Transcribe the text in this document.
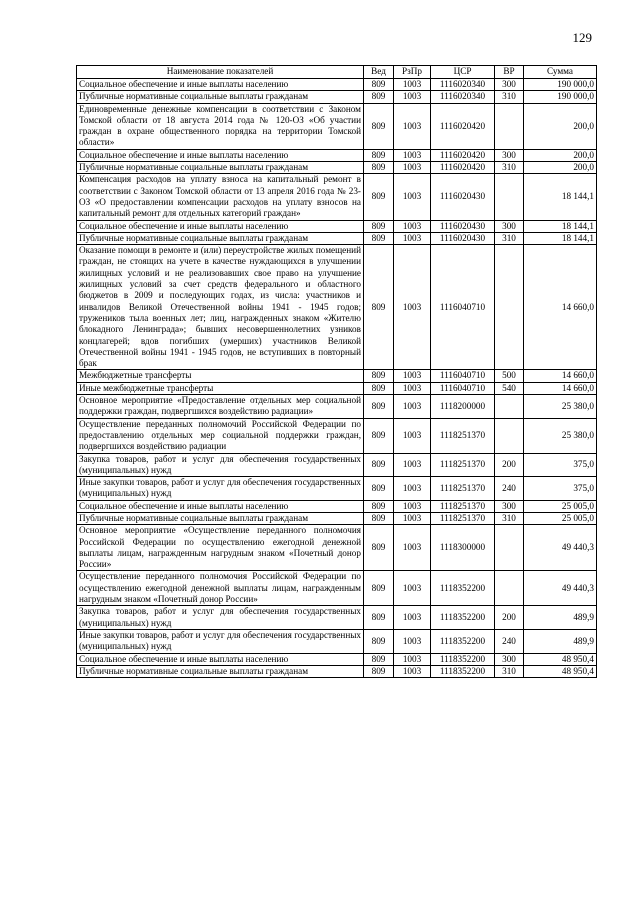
129
Наименование показателей	Вед	РзПр	ЦСР	ВР	Сумма
Социальное обеспечение и иные выплаты населению	809	1003	1116020340	300	190 000,0
Публичные нормативные социальные выплаты гражданам	809	1003	1116020340	310	190 000,0
Единовременные денежные компенсации в соответствии с Законом Томской области от 18 августа 2014 года № 120-ОЗ «Об участии граждан в охране общественного порядка на территории Томской области»	809	1003	1116020420		200,0
Социальное обеспечение и иные выплаты населению	809	1003	1116020420	300	200,0
Публичные нормативные социальные выплаты гражданам	809	1003	1116020420	310	200,0
Компенсация расходов на уплату взноса на капитальный ремонт в соответствии с Законом Томской области от 13 апреля 2016 года № 23-ОЗ «О предоставлении компенсации расходов на уплату взносов на капитальный ремонт для отдельных категорий граждан»	809	1003	1116020430		18 144,1
Социальное обеспечение и иные выплаты населению	809	1003	1116020430	300	18 144,1
Публичные нормативные социальные выплаты гражданам	809	1003	1116020430	310	18 144,1
Оказание помощи в ремонте и (или) переустройстве жилых помещений граждан, не стоящих на учете в качестве нуждающихся в улучшении жилищных условий и не реализовавших свое право на улучшение жилищных условий за счет средств федерального и областного бюджетов в 2009 и последующих годах, из числа: участников и инвалидов Великой Отечественной войны 1941 - 1945 годов; тружеников тыла военных лет; лиц, награжденных знаком «Жителю блокадного Ленинграда»; бывших несовершеннолетних узников концлагерей; вдов погибших (умерших) участников Великой Отечественной войны 1941 - 1945 годов, не вступивших в повторный брак	809	1003	1116040710		14 660,0
Межбюджетные трансферты	809	1003	1116040710	500	14 660,0
Иные межбюджетные трансферты	809	1003	1116040710	540	14 660,0
Основное мероприятие «Предоставление отдельных мер социальной поддержки граждан, подвергшихся воздействию радиации»	809	1003	1118200000		25 380,0
Осуществление переданных полномочий Российской Федерации по предоставлению отдельных мер социальной поддержки граждан, подвергшихся воздействию радиации	809	1003	1118251370		25 380,0
Закупка товаров, работ и услуг для обеспечения государственных (муниципальных) нужд	809	1003	1118251370	200	375,0
Иные закупки товаров, работ и услуг для обеспечения государственных (муниципальных) нужд	809	1003	1118251370	240	375,0
Социальное обеспечение и иные выплаты населению	809	1003	1118251370	300	25 005,0
Публичные нормативные социальные выплаты гражданам	809	1003	1118251370	310	25 005,0
Основное мероприятие «Осуществление переданного полномочия Российской Федерации по осуществлению ежегодной денежной выплаты лицам, награжденным нагрудным знаком «Почетный донор России»	809	1003	1118300000		49 440,3
Осуществление переданного полномочия Российской Федерации по осуществлению ежегодной денежной выплаты лицам, награжденным нагрудным знаком «Почетный донор России»	809	1003	1118352200		49 440,3
Закупка товаров, работ и услуг для обеспечения государственных (муниципальных) нужд	809	1003	1118352200	200	489,9
Иные закупки товаров, работ и услуг для обеспечения государственных (муниципальных) нужд	809	1003	1118352200	240	489,9
Социальное обеспечение и иные выплаты населению	809	1003	1118352200	300	48 950,4
Публичные нормативные социальные выплаты гражданам	809	1003	1118352200	310	48 950,4
